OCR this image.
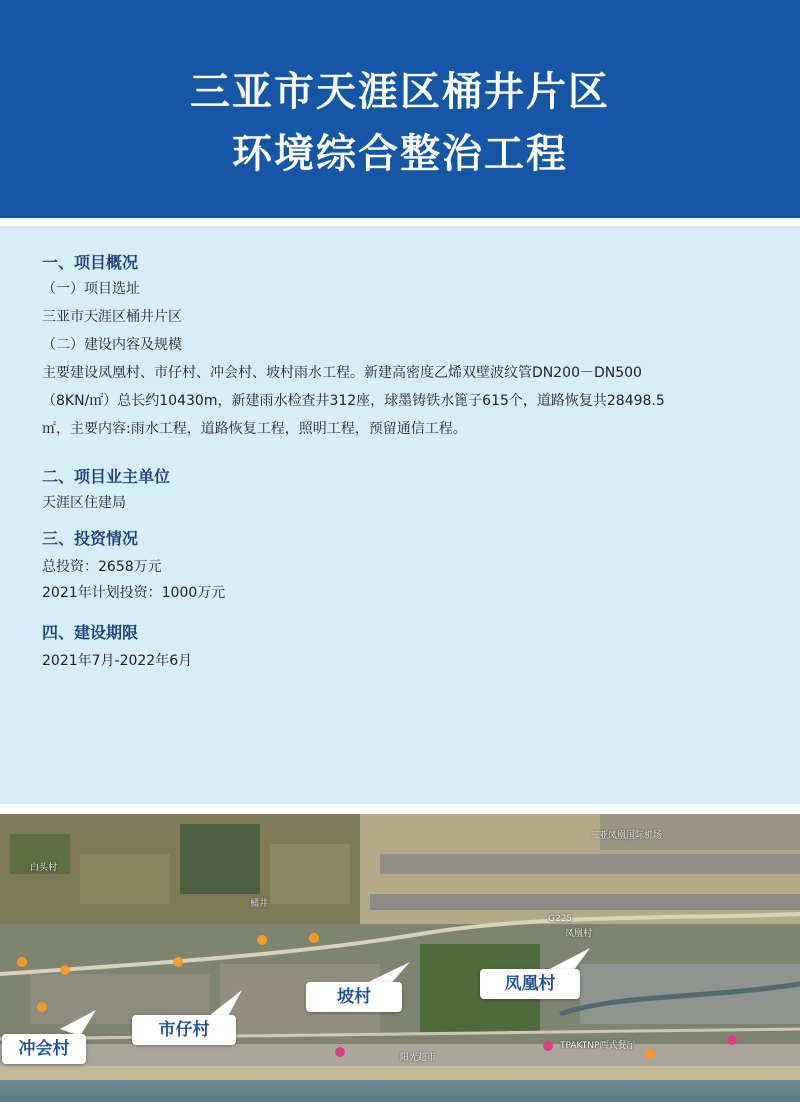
三亚市天涯区桶井片区
环境综合整治工程
一、项目概况
（一）项目选址
三亚市天涯区桶井片区
（二）建设内容及规模
主要建设凤凰村、市仔村、冲会村、坡村雨水工程。新建高密度乙烯双壁波纹管DN200－DN500
（8KN/㎡）总长约10430m，新建雨水检查井312座，球墨铸铁水篦子615个，道路恢复共28498.5
㎡，主要内容:雨水工程，道路恢复工程，照明工程，预留通信工程。
二、项目业主单位
天涯区住建局
三、投资情况
总投资：2658万元
2021年计划投资：1000万元
四、建设期限
2021年7月-2022年6月
三亚凤凰国际机场
G225
桶井
凤凰村
白头村
阳光超市
TPAKTNP西式餐厅
冲会村
市仔村
坡村
凤凰村
